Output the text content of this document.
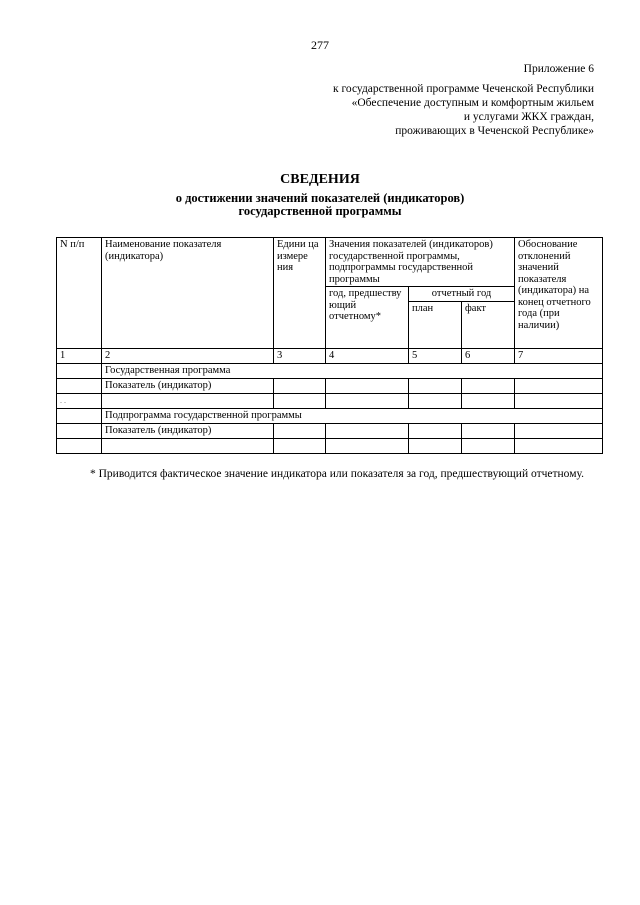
277
Приложение 6
к государственной программе Чеченской Республики
«Обеспечение доступным и комфортным жильем
и услугами ЖКХ граждан,
проживающих в Чеченской Республике»
СВЕДЕНИЯ
о достижении значений показателей (индикаторов)
государственной программы
N п/п	Наименование показателя (индикатора)	Едини ца измере ния	Значения показателей (индикаторов) государственной программы, подпрограммы государственной программы			Обоснование отклонений значений показателя (индикатора) на конец отчетного года (при наличии)
			год, предшеству ющий отчетному*	отчетный год		
				план	факт	
1	2	3	4	5	6	7
	Государственная программа					
	Показатель (индикатор)					
. .						
	Подпрограмма государственной программы					
	Показатель (индикатор)					

* Приводится фактическое значение индикатора или показателя за год, предшествующий отчетному.
